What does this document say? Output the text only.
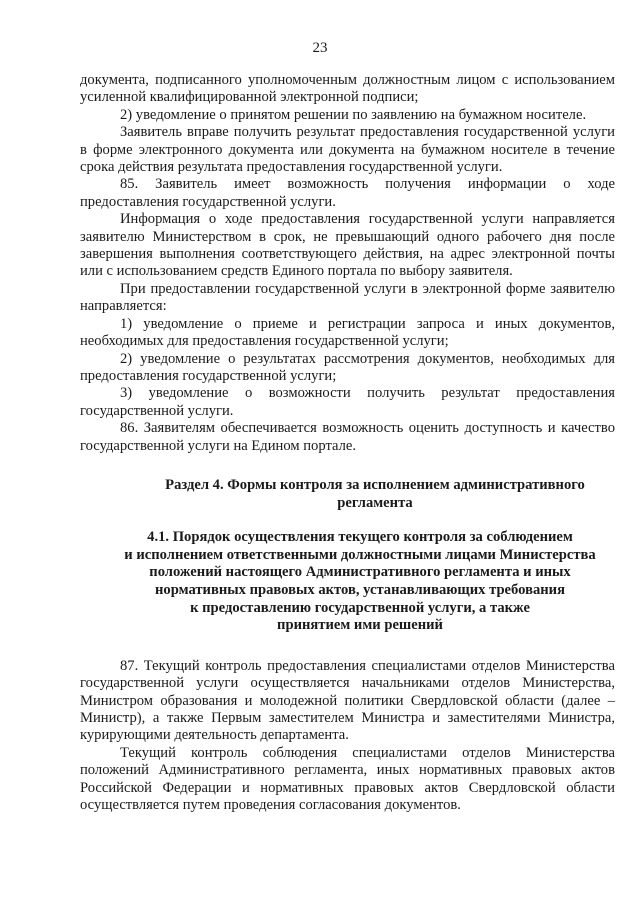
23

документа, подписанного уполномоченным должностным лицом с использованием усиленной квалифицированной электронной подписи;

2) уведомление о принятом решении по заявлению на бумажном носителе.

Заявитель вправе получить результат предоставления государственной услуги в форме электронного документа или документа на бумажном носителе в течение срока действия результата предоставления государственной услуги.

85. Заявитель имеет возможность получения информации о ходе предоставления государственной услуги.

Информация о ходе предоставления государственной услуги направляется заявителю Министерством в срок, не превышающий одного рабочего дня после завершения выполнения соответствующего действия, на адрес электронной почты или с использованием средств Единого портала по выбору заявителя.

При предоставлении государственной услуги в электронной форме заявителю направляется:

1) уведомление о приеме и регистрации запроса и иных документов, необходимых для предоставления государственной услуги;

2) уведомление о результатах рассмотрения документов, необходимых для предоставления государственной услуги;

3) уведомление о возможности получить результат предоставления государственной услуги.

86. Заявителям обеспечивается возможность оценить доступность и качество государственной услуги на Едином портале.

Раздел 4. Формы контроля за исполнением административного

регламента

4.1. Порядок осуществления текущего контроля за соблюдением

и исполнением ответственными должностными лицами Министерства

положений настоящего Административного регламента и иных

нормативных правовых актов, устанавливающих требования

к предоставлению государственной услуги, а также

принятием ими решений

87. Текущий контроль предоставления специалистами отделов Министерства государственной услуги осуществляется начальниками отделов Министерства, Министром образования и молодежной политики Свердловской области (далее – Министр), а также Первым заместителем Министра и заместителями Министра, курирующими деятельность департамента.

Текущий контроль соблюдения специалистами отделов Министерства положений Административного регламента, иных нормативных правовых актов Российской Федерации и нормативных правовых актов Свердловской области осуществляется путем проведения согласования документов.
